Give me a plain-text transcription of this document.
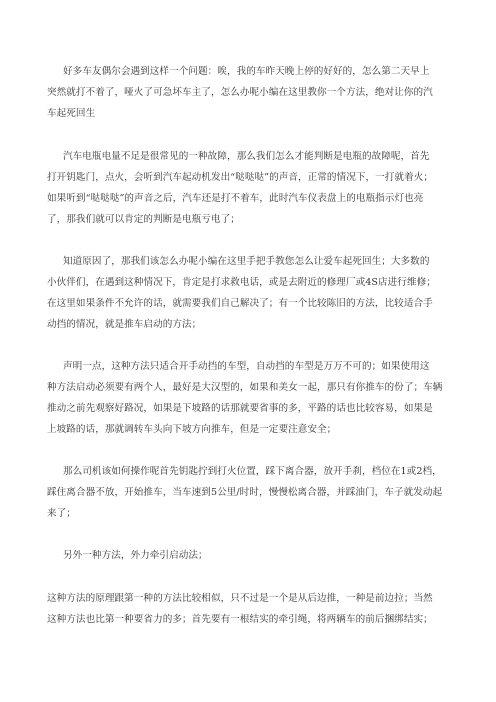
好多车友偶尔会遇到这样一个问题：唉，我的车昨天晚上停的好好的，怎么第二天早上
突然就打不着了，哑火了可急坏车主了，怎么办呢小编在这里教你一个方法，绝对让你的汽
车起死回生
汽车电瓶电量不足是很常见的一种故障，那么我们怎么才能判断是电瓶的故障呢，首先
打开钥匙门，点火，会听到汽车起动机发出“哒哒哒”的声音，正常的情况下，一打就着火；
如果听到“哒哒哒”的声音之后，汽车还是打不着车，此时汽车仪表盘上的电瓶指示灯也亮
了，那我们就可以肯定的判断是电瓶亏电了；
知道原因了，那我们该怎么办呢小编在这里手把手教您怎么让爱车起死回生；大多数的
小伙伴们，在遇到这种情况下，肯定是打求救电话，或是去附近的修理厂或4S店进行维修；
在这里如果条件不允许的话，就需要我们自己解决了；有一个比较陈旧的方法，比较适合手
动挡的情况，就是推车启动的方法；
声明一点，这种方法只适合开手动挡的车型，自动挡的车型是万万不可的；如果使用这
种方法启动必须要有两个人，最好是大汉型的，如果和美女一起，那只有你推车的份了；车辆
推动之前先观察好路况，如果是下坡路的话那就要省事的多，平路的话也比较容易，如果是
上坡路的话，那就调转车头向下坡方向推车，但是一定要注意安全；
那么司机该如何操作呢首先钥匙拧到打火位置，踩下离合器，放开手刹，档位在1或2档，
踩住离合器不放，开始推车，当车速到5公里/时时，慢慢松离合器，并踩油门，车子就发动起
来了；
另外一种方法，外力牵引启动法；
这种方法的原理跟第一种的方法比较相似，只不过是一个是从后边推，一种是前边拉；当然
这种方法也比第一种要省力的多；首先要有一根结实的牵引绳，将两辆车的前后捆绑结实；
